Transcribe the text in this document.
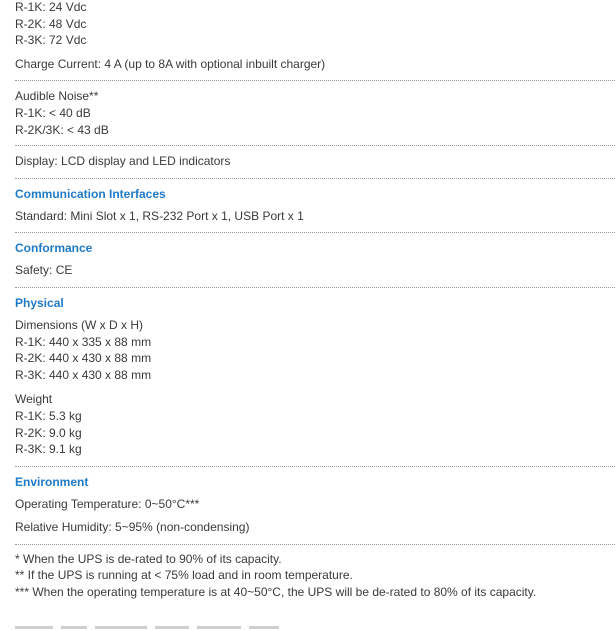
R-1K: 24 Vdc
R-2K: 48 Vdc
R-3K: 72 Vdc
Charge Current: 4 A (up to 8A with optional inbuilt charger)
Audible Noise**
R-1K: < 40 dB
R-2K/3K: < 43 dB
Display: LCD display and LED indicators
Communication Interfaces
Standard: Mini Slot x 1, RS-232 Port x 1, USB Port x 1
Conformance
Safety: CE
Physical
Dimensions (W x D x H)
R-1K: 440 x 335 x 88 mm
R-2K: 440 x 430 x 88 mm
R-3K: 440 x 430 x 88 mm
Weight
R-1K: 5.3 kg
R-2K: 9.0 kg
R-3K: 9.1 kg
Environment
Operating Temperature: 0~50°C***
Relative Humidity: 5~95% (non-condensing)
* When the UPS is de-rated to 90% of its capacity.
** If the UPS is running at < 75% load and in room temperature.
*** When the operating temperature is at 40~50°C, the UPS will be de-rated to 80% of its capacity.
